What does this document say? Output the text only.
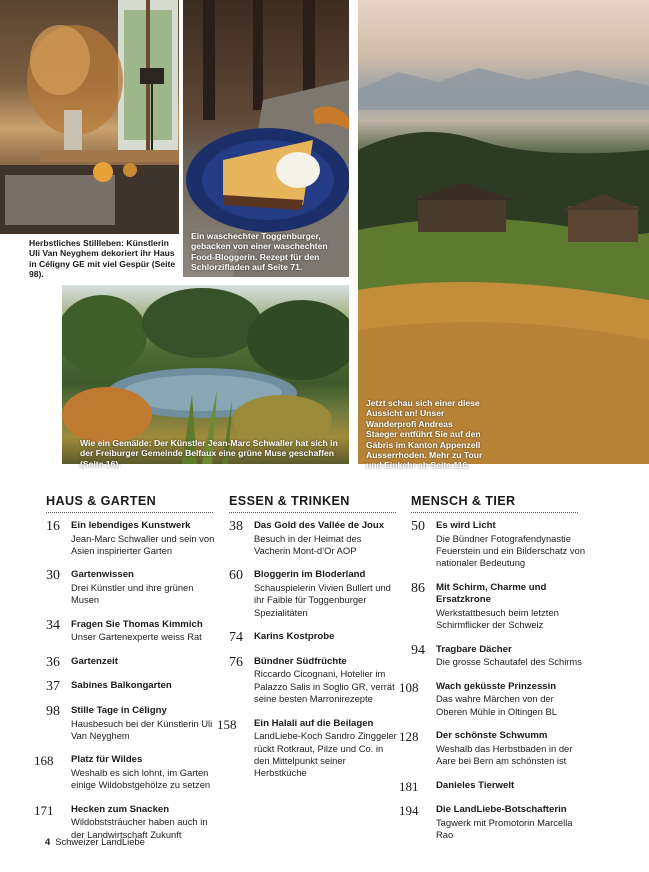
Herbstliches Stillleben: Künstlerin Uli Van Neyghem dekoriert ihr Haus in Céligny GE mit viel Gespür (Seite 98).
Ein waschechter Toggenburger, gebacken von einer waschechten Food-Bloggerin. Rezept für den Schlorzifladen auf Seite 71.
Jetzt schau sich einer diese Aussicht an! Unser Wanderprofi Andreas Staeger entführt Sie auf den Gäbris im Kanton Appenzell Ausserrhoden. Mehr zu Tour und Einkehr ab Seite 116.
Wie ein Gemälde: Der Künstler Jean-Marc Schwaller hat sich in der Freiburger Gemeinde Belfaux eine grüne Muse geschaffen (Seite 16).
HAUS & GARTEN	ESSEN & TRINKEN	MENSCH & TIER
16 Ein lebendiges Kunstwerk
Jean-Marc Schwaller und sein von Asien inspirierter Garten
30 Gartenwissen
Drei Künstler und ihre grünen Musen
34 Fragen Sie Thomas Kimmich
Unser Gartenexperte weiss Rat
36 Gartenzeit
37 Sabines Balkongarten
98 Stille Tage in Céligny
Hausbesuch bei der Künstlerin Uli Van Neyghem
168 Platz für Wildes
Weshalb es sich lohnt, im Garten einige Wildobstgehölze zu setzen
171 Hecken zum Snacken
Wildobststräucher haben auch in der Landwirtschaft Zukunft
38 Das Gold des Vallée de Joux
Besuch in der Heimat des Vacherin Mont-d’Or AOP
60 Bloggerin im Bloderland
Schauspielerin Vivien Bullert und ihr Faible für Toggenburger Spezialitäten
74 Karins Kostprobe
76 Bündner Südfrüchte
Riccardo Cicognani, Hotelier im Palazzo Salis in Soglio GR, verrät seine besten Marronirezepte
158 Ein Halali auf die Beilagen
LandLiebe-Koch Sandro Zinggeler rückt Rotkraut, Pilze und Co. in den Mittelpunkt seiner Herbstküche
50 Es wird Licht
Die Bündner Fotografendynastie Feuerstein und ein Bilderschatz von nationaler Bedeutung
86 Mit Schirm, Charme und Ersatzkrone
Werkstattbesuch beim letzten Schirmflicker der Schweiz
94 Tragbare Dächer
Die grosse Schautafel des Schirms
108 Wach geküsste Prinzessin
Das wahre Märchen von der Oberen Mühle in Oltingen BL
128 Der schönste Schwumm
Weshalb das Herbstbaden in der Aare bei Bern am schönsten ist
181 Danieles Tierwelt
194 Die LandLiebe-Botschafterin
Tagwerk mit Promotorin Marcella Rao
4 Schweizer LandLiebe
